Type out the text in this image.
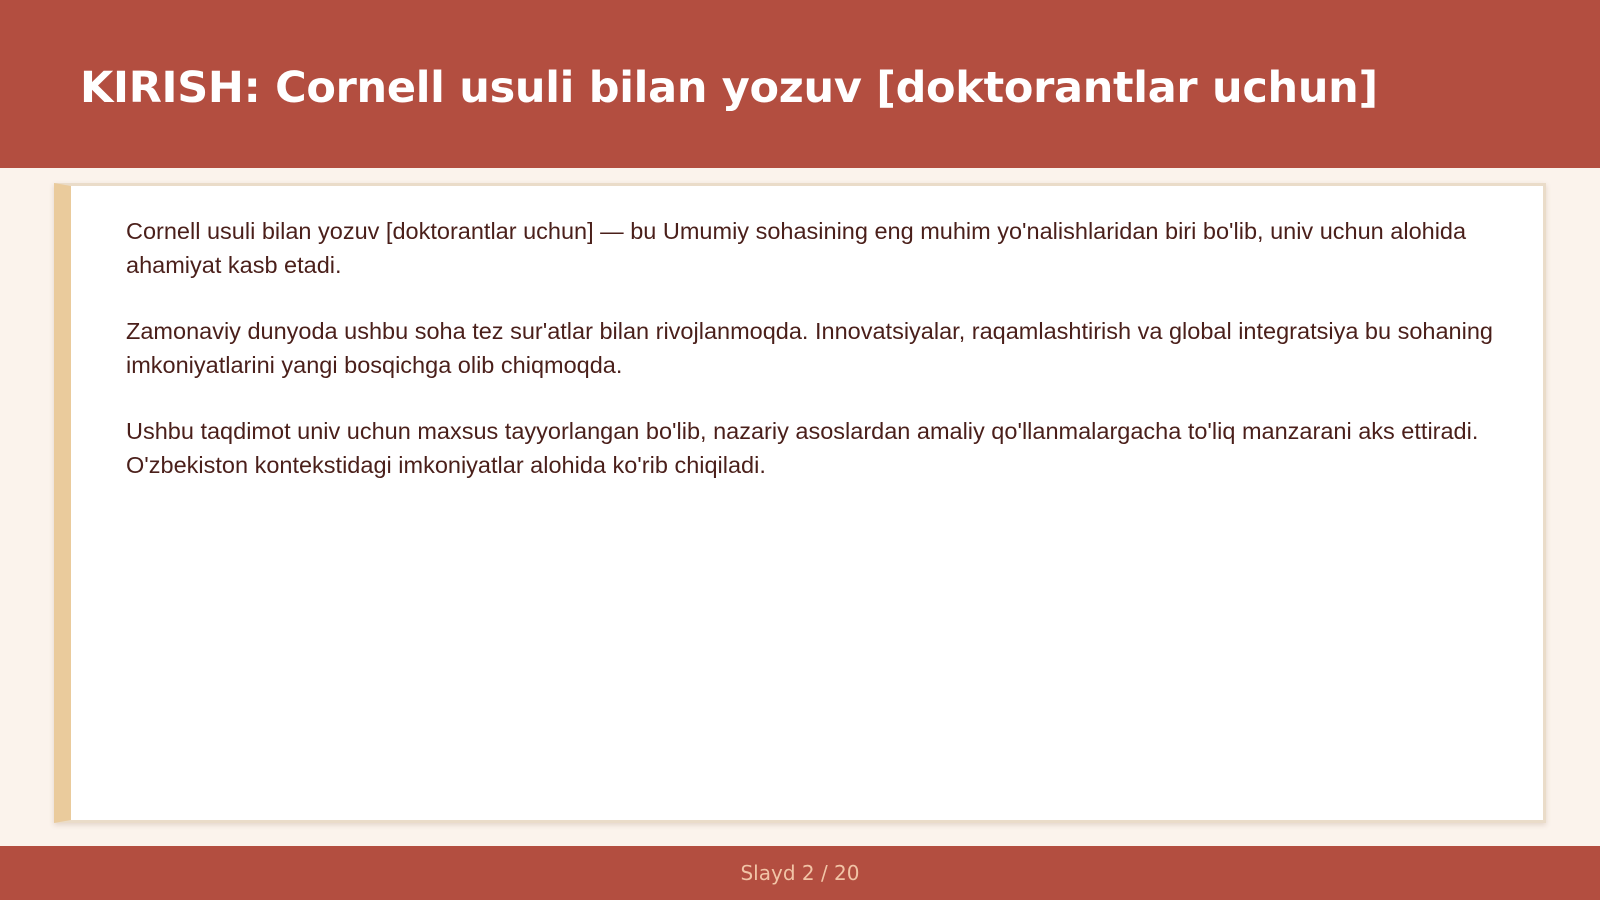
KIRISH: Cornell usuli bilan yozuv [doktorantlar uchun]

Cornell usuli bilan yozuv [doktorantlar uchun] — bu Umumiy sohasining eng muhim yo'nalishlaridan biri bo'lib, univ uchun alohida ahamiyat kasb etadi.

Zamonaviy dunyoda ushbu soha tez sur'atlar bilan rivojlanmoqda. Innovatsiyalar, raqamlashtirish va global integratsiya bu sohaning imkoniyatlarini yangi bosqichga olib chiqmoqda.

Ushbu taqdimot univ uchun maxsus tayyorlangan bo'lib, nazariy asoslardan amaliy qo'llanmalargacha to'liq manzarani aks ettiradi. O'zbekiston kontekstidagi imkoniyatlar alohida ko'rib chiqiladi.

Slayd 2 / 20
